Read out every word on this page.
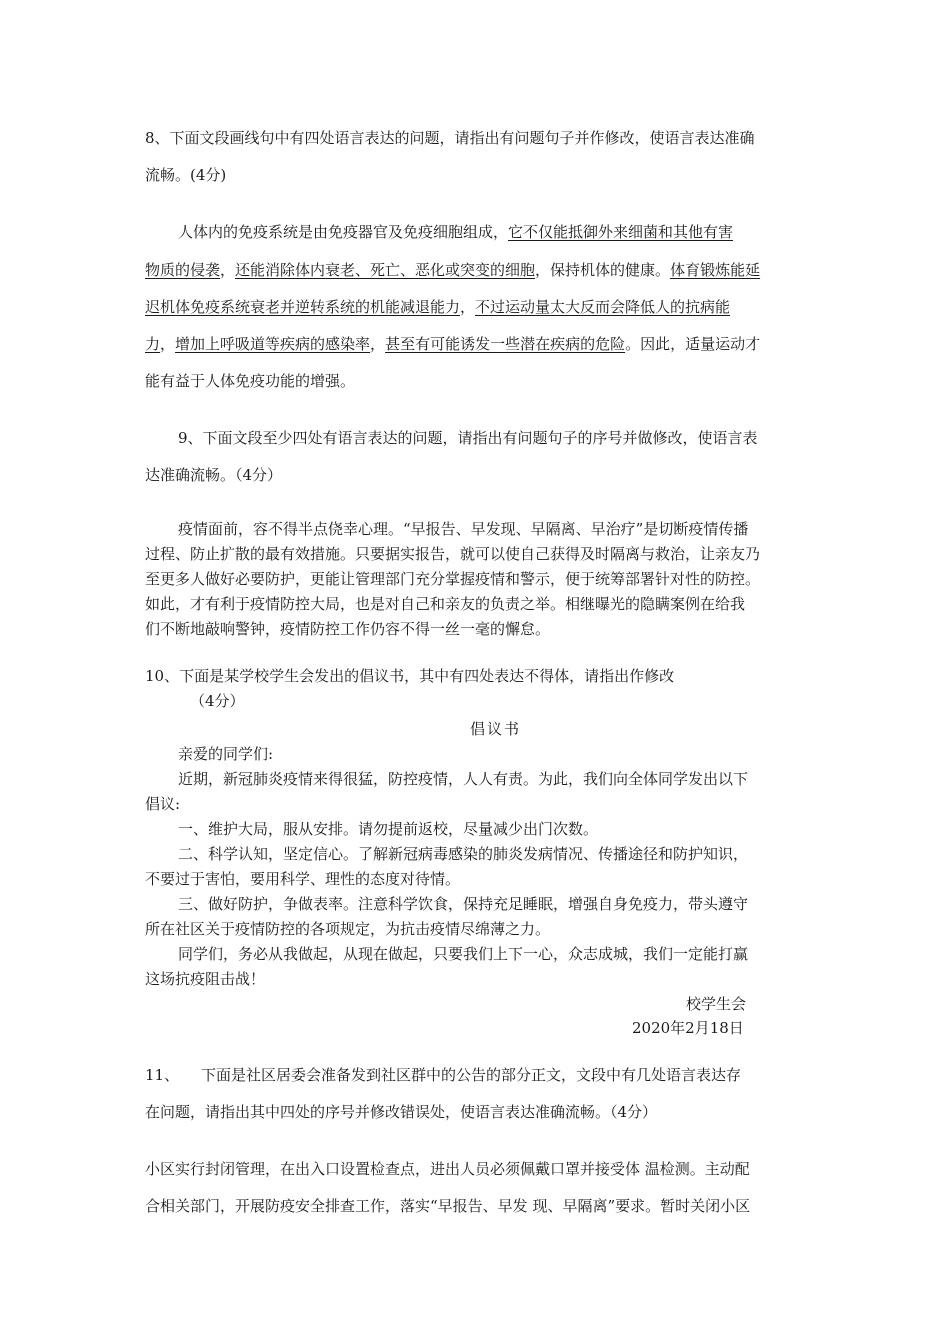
8、下面文段画线句中有四处语言表达的问题，请指出有问题句子并作修改，使语言表达准确
流畅。(4分)
人体内的免疫系统是由免疫器官及免疫细胞组成，它不仅能抵御外来细菌和其他有害
物质的侵袭，还能消除体内衰老、死亡、恶化或突变的细胞，保持机体的健康。体育锻炼能延
迟机体免疫系统衰老并逆转系统的机能减退能力，不过运动量太大反而会降低人的抗病能
力，增加上呼吸道等疾病的感染率，甚至有可能诱发一些潜在疾病的危险。因此，适量运动才
能有益于人体免疫功能的增强。
9、下面文段至少四处有语言表达的问题，请指出有问题句子的序号并做修改，使语言表
达准确流畅。（4分）
疫情面前，容不得半点侥幸心理。“早报告、早发现、早隔离、早治疗”是切断疫情传播
过程、防止扩散的最有效措施。只要据实报告，就可以使自己获得及时隔离与救治，让亲友乃
至更多人做好必要防护，更能让管理部门充分掌握疫情和警示，便于统筹部署针对性的防控。
如此，才有利于疫情防控大局，也是对自己和亲友的负责之举。相继曝光的隐瞒案例在给我
们不断地敲响警钟，疫情防控工作仍容不得一丝一毫的懈怠。
10、下面是某学校学生会发出的倡议书，其中有四处表达不得体，请指出作修改
（4分）
倡议书
亲爱的同学们:
近期，新冠肺炎疫情来得很猛，防控疫情，人人有责。为此，我们向全体同学发出以下
倡议:
一、维护大局，服从安排。请勿提前返校，尽量减少出门次数。
二、科学认知，坚定信心。了解新冠病毒感染的肺炎发病情况、传播途径和防护知识，
不要过于害怕，要用科学、理性的态度对待情。
三、做好防护，争做表率。注意科学饮食，保持充足睡眠，增强自身免疫力，带头遵守
所在社区关于疫情防控的各项规定，为抗击疫情尽绵薄之力。
同学们，务必从我做起，从现在做起，只要我们上下一心，众志成城，我们一定能打赢
这场抗疫阻击战！
校学生会
2020年2月18日
11、 下面是社区居委会准备发到社区群中的公告的部分正文，文段中有几处语言表达存
在问题，请指出其中四处的序号并修改错误处，使语言表达准确流畅。（4分）
小区实行封闭管理，在出入口设置检查点，进出人员必须佩戴口罩并接受体 温检测。主动配
合相关部门，开展防疫安全排查工作，落实“早报告、早发 现、早隔离”要求。暂时关闭小区
